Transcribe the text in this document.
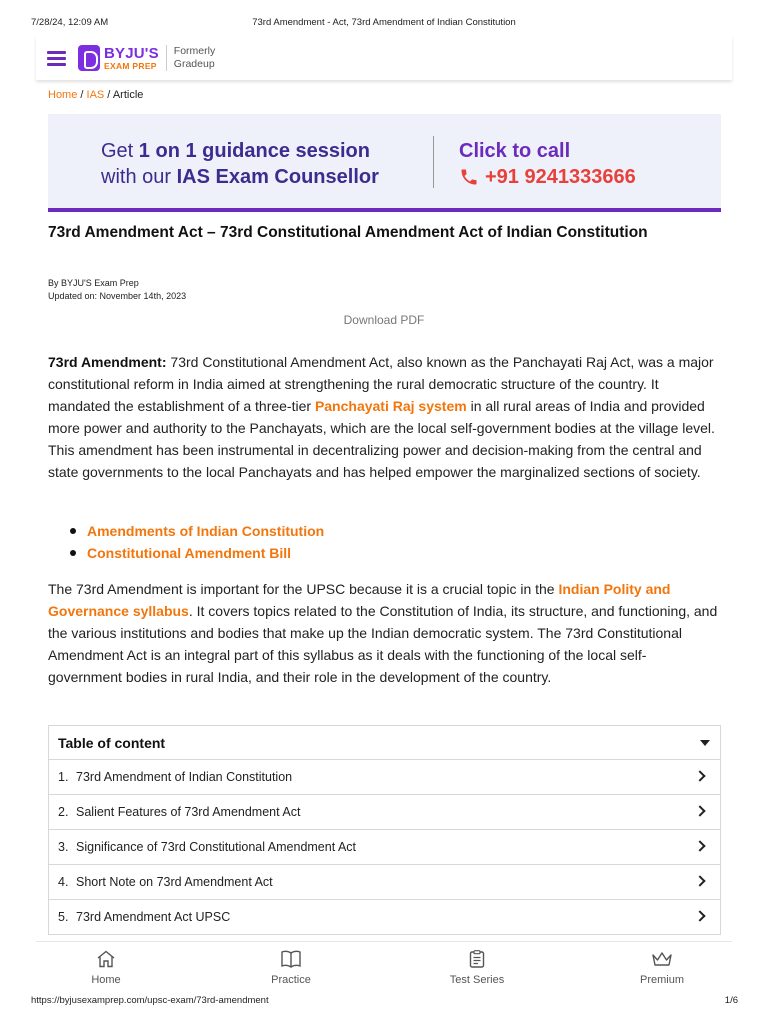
7/28/24, 12:09 AM	73rd Amendment - Act, 73rd Amendment of Indian Constitution
BYJU'S
EXAM PREP
Formerly
Gradeup
Home / IAS / Article
Get 1 on 1 guidance session
with our IAS Exam Counsellor
Click to call
+91 9241333666
73rd Amendment Act – 73rd Constitutional Amendment Act of Indian Constitution
By BYJU'S Exam Prep
Updated on: November 14th, 2023
Download PDF

73rd Amendment: 73rd Constitutional Amendment Act, also known as the Panchayati Raj Act, was a major constitutional reform in India aimed at strengthening the rural democratic structure of the country. It mandated the establishment of a three-tier Panchayati Raj system in all rural areas of India and provided more power and authority to the Panchayats, which are the local self-government bodies at the village level. This amendment has been instrumental in decentralizing power and decision-making from the central and state governments to the local Panchayats and has helped empower the marginalized sections of society.

Amendments of Indian Constitution
Constitutional Amendment Bill

The 73rd Amendment is important for the UPSC because it is a crucial topic in the Indian Polity and Governance syllabus. It covers topics related to the Constitution of India, its structure, and functioning, and the various institutions and bodies that make up the Indian democratic system. The 73rd Constitutional Amendment Act is an integral part of this syllabus as it deals with the functioning of the local self-government bodies in rural India, and their role in the development of the country.

Table of content
1. 73rd Amendment of Indian Constitution
2. Salient Features of 73rd Amendment Act
3. Significance of 73rd Constitutional Amendment Act
4. Short Note on 73rd Amendment Act
5. 73rd Amendment Act UPSC
Home	Practice	Test Series	Premium
https://byjusexamprep.com/upsc-exam/73rd-amendment	1/6
